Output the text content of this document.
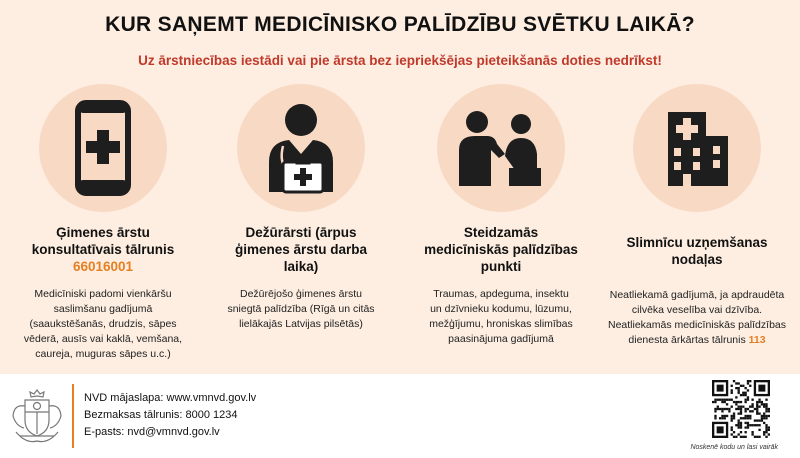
KUR SAŅEMT MEDICĪNISKO PALĪDZĪBU SVĒTKU LAIKĀ?
Uz ārstniecības iestādi vai pie ārsta bez iepriekšējas pieteikšanās doties nedrīkst!
Ģimenes ārstu
konsultatīvais tālrunis
66016001
Medicīniski padomi vienkāršu
saslimšanu gadījumā
(saaukstēšanās, drudzis, sāpes
vēderā, ausīs vai kaklā, vemšana,
caureja, muguras sāpes u.c.)
Dežūrārsti (ārpus
ģimenes ārstu darba
laika)
Dežūrējošo ģimenes ārstu
sniegtā palīdzība (Rīgā un citās
lielākajās Latvijas pilsētās)
Steidzamās
medicīniskās palīdzības
punkti
Traumas, apdeguma, insektu
un dzīvnieku kodumu, lūzumu,
mežģījumu, hroniskas slimības
paasinājuma gadījumā
Slimnīcu uzņemšanas
nodaļas
Neatliekamā gadījumā, ja apdraudēta
cilvēka veselība vai dzīvība.
Neatliekamās medicīniskās palīdzības
dienesta ārkārtas tālrunis 113
NVD mājaslapa: www.vmnvd.gov.lv
Bezmaksas tālrunis: 8000 1234
E-pasts: nvd@vmnvd.gov.lv
Noskenē kodu un lasi vairāk
